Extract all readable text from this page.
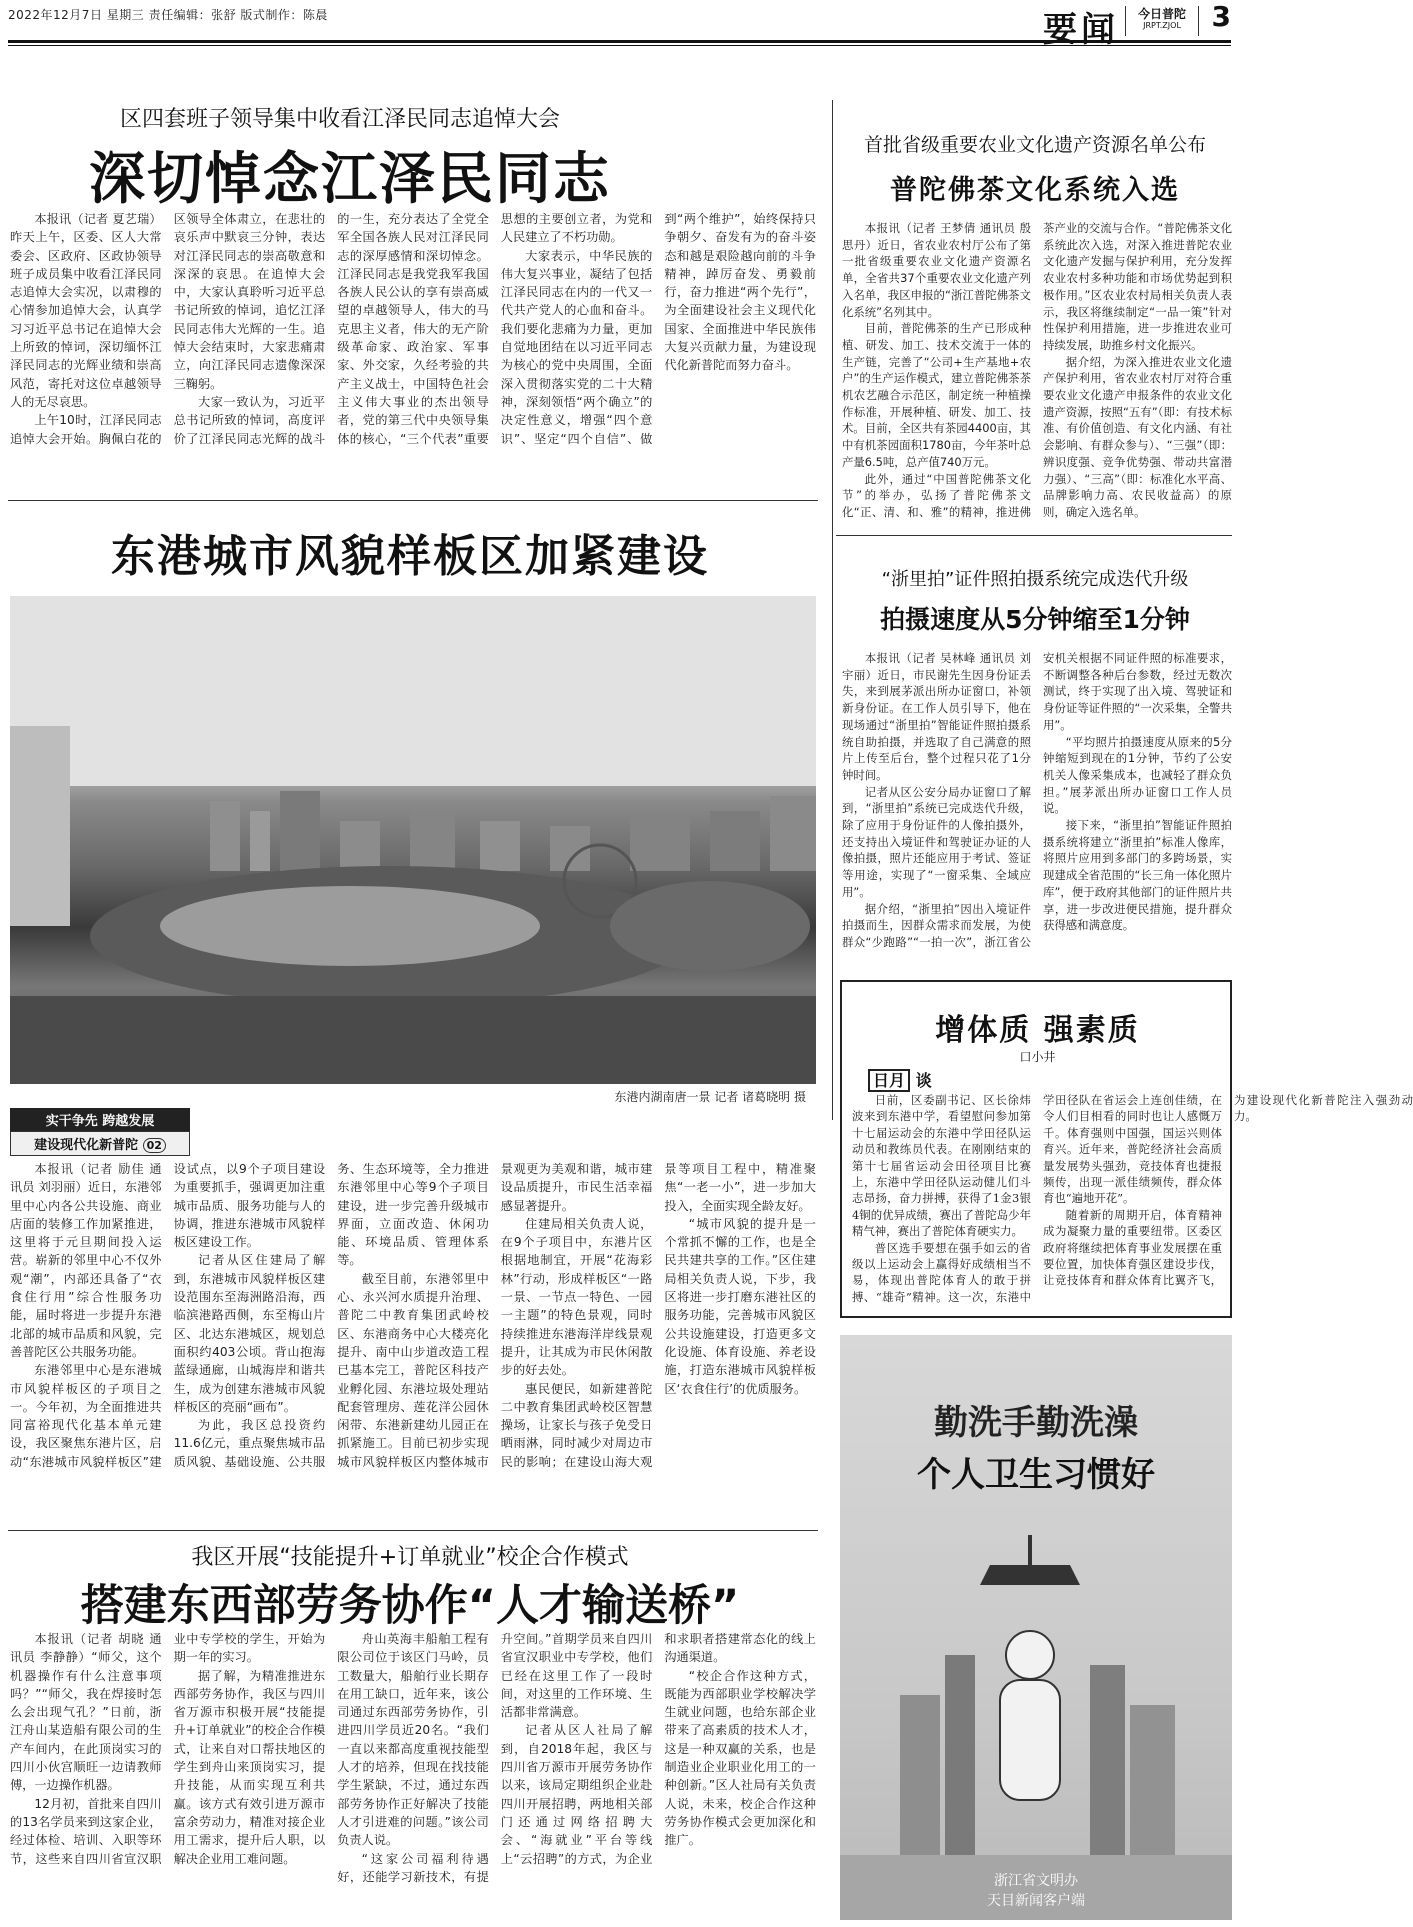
2022年12月7日 星期三 责任编辑：张舒 版式制作：陈晨	要闻	今日普陀
JRPT.ZJOL	3
区四套班子领导集中收看江泽民同志追悼大会
深切悼念江泽民同志

本报讯（记者 夏艺瑞）昨天上午，区委、区人大常委会、区政府、区政协领导班子成员集中收看江泽民同志追悼大会实况，以肃穆的心情参加追悼大会，认真学习习近平总书记在追悼大会上所致的悼词，深切缅怀江泽民同志的光辉业绩和崇高风范，寄托对这位卓越领导人的无尽哀思。

上午10时，江泽民同志追悼大会开始。胸佩白花的区领导全体肃立，在悲壮的哀乐声中默哀三分钟，表达对江泽民同志的崇高敬意和深深的哀思。在追悼大会中，大家认真聆听习近平总书记所致的悼词，追忆江泽民同志伟大光辉的一生。追悼大会结束时，大家悲痛肃立，向江泽民同志遗像深深三鞠躬。

大家一致认为，习近平总书记所致的悼词，高度评价了江泽民同志光辉的战斗的一生，充分表达了全党全军全国各族人民对江泽民同志的深厚感情和深切悼念。江泽民同志是我党我军我国各族人民公认的享有崇高威望的卓越领导人，伟大的马克思主义者，伟大的无产阶级革命家、政治家、军事家、外交家，久经考验的共产主义战士，中国特色社会主义伟大事业的杰出领导者，党的第三代中央领导集体的核心，“三个代表”重要思想的主要创立者，为党和人民建立了不朽功勋。

大家表示，中华民族的伟大复兴事业，凝结了包括江泽民同志在内的一代又一代共产党人的心血和奋斗。我们要化悲痛为力量，更加自觉地团结在以习近平同志为核心的党中央周围，全面深入贯彻落实党的二十大精神，深刻领悟“两个确立”的决定性意义，增强“四个意识”、坚定“四个自信”、做到“两个维护”，始终保持只争朝夕、奋发有为的奋斗姿态和越是艰险越向前的斗争精神，踔厉奋发、勇毅前行，奋力推进“两个先行”，为全面建设社会主义现代化国家、全面推进中华民族伟大复兴贡献力量，为建设现代化新普陀而努力奋斗。

首批省级重要农业文化遗产资源名单公布
普陀佛茶文化系统入选

本报讯（记者 王梦倩 通讯员 殷思丹）近日，省农业农村厅公布了第一批省级重要农业文化遗产资源名单，全省共37个重要农业文化遗产列入名单，我区申报的“浙江普陀佛茶文化系统”名列其中。

目前，普陀佛茶的生产已形成种植、研发、加工、技术交流于一体的生产链，完善了“公司+生产基地+农户”的生产运作模式，建立普陀佛茶茶机农艺融合示范区，制定统一种植操作标准，开展种植、研发、加工、技术。目前，全区共有茶园4400亩，其中有机茶园面积1780亩，今年茶叶总产量6.5吨，总产值740万元。

此外，通过“中国普陀佛茶文化节”的举办，弘扬了普陀佛茶文化“正、清、和、雅”的精神，推进佛茶产业的交流与合作。“普陀佛茶文化系统此次入选，对深入推进普陀农业文化遗产发掘与保护利用，充分发挥农业农村多种功能和市场优势起到积极作用。”区农业农村局相关负责人表示，我区将继续制定“一品一策”针对性保护利用措施，进一步推进农业可持续发展，助推乡村文化振兴。

据介绍，为深入推进农业文化遗产保护利用，省农业农村厅对符合重要农业文化遗产申报条件的农业文化遗产资源，按照“五有”（即：有技术标准、有价值创造、有文化内涵、有社会影响、有群众参与）、“三强”（即：辨识度强、竞争优势强、带动共富潜力强）、“三高”（即：标准化水平高、品牌影响力高、农民收益高）的原则，确定入选名单。

东港城市风貌样板区加紧建设
东港内湖南唐一景 记者 诸葛晓明 摄
实干争先 跨越发展
建设现代化新普陀 02

本报讯（记者 励佳 通讯员 刘羽丽）近日，东港邻里中心内各公共设施、商业店面的装修工作加紧推进，这里将于元旦期间投入运营。崭新的邻里中心不仅外观“潮”，内部还具备了“衣食住行用”综合性服务功能，届时将进一步提升东港北部的城市品质和风貌，完善普陀区公共服务功能。

东港邻里中心是东港城市风貌样板区的子项目之一。今年初，为全面推进共同富裕现代化基本单元建设，我区聚焦东港片区，启动“东港城市风貌样板区”建设试点，以9个子项目建设为重要抓手，强调更加注重城市品质、服务功能与人的协调，推进东港城市风貌样板区建设工作。

记者从区住建局了解到，东港城市风貌样板区建设范围东至海洲路沿海，西临滨港路西侧，东至梅山片区、北达东港城区，规划总面积约403公顷。背山抱海蓝绿通廊，山城海岸和谐共生，成为创建东港城市风貌样板区的亮丽“画布”。

为此，我区总投资约11.6亿元，重点聚焦城市品质风貌、基础设施、公共服务、生态环境等，全力推进东港邻里中心等9个子项目建设，进一步完善升级城市界面，立面改造、休闲功能、环境品质、管理体系等。

截至目前，东港邻里中心、永兴河水质提升治理、普陀二中教育集团武岭校区、东港商务中心大楼亮化提升、南中山步道改造工程已基本完工，普陀区科技产业孵化园、东港垃圾处理站配套管理房、莲花洋公园休闲带、东港新建幼儿园正在抓紧施工。目前已初步实现城市风貌样板区内整体城市景观更为美观和谐，城市建设品质提升，市民生活幸福感显著提升。

住建局相关负责人说，在9个子项目中，东港片区根据地制宜，开展“花海彩林”行动，形成样板区“一路一景、一节点一特色、一园一主题”的特色景观，同时持续推进东港海洋岸线景观提升，让其成为市民休闲散步的好去处。

惠民便民，如新建普陀二中教育集团武岭校区智慧操场，让家长与孩子免受日晒雨淋，同时减少对周边市民的影响；在建设山海大观景等项目工程中，精准聚焦“一老一小”，进一步加大投入，全面实现全龄友好。

“城市风貌的提升是一个常抓不懈的工作，也是全民共建共享的工作。”区住建局相关负责人说，下步，我区将进一步打磨东港社区的服务功能，完善城市风貌区公共设施建设，打造更多文化设施、体育设施、养老设施，打造东港城市风貌样板区‘衣食住行’的优质服务。

“浙里拍”证件照拍摄系统完成迭代升级
拍摄速度从5分钟缩至1分钟

本报讯（记者 吴林峰 通讯员 刘宇丽）近日，市民谢先生因身份证丢失，来到展茅派出所办证窗口，补领新身份证。在工作人员引导下，他在现场通过“浙里拍”智能证件照拍摄系统自助拍摄，并选取了自己满意的照片上传至后台，整个过程只花了1分钟时间。

记者从区公安分局办证窗口了解到，“浙里拍”系统已完成迭代升级，除了应用于身份证件的人像拍摄外，还支持出入境证件和驾驶证办证的人像拍摄，照片还能应用于考试、签证等用途，实现了“一窗采集、全域应用”。

据介绍，“浙里拍”因出入境证件拍摄而生，因群众需求而发展，为使群众“少跑路”“一拍一次”，浙江省公安机关根据不同证件照的标准要求，不断调整各种后台参数，经过无数次测试，终于实现了出入境、驾驶证和身份证等证件照的“一次采集，全警共用”。

“平均照片拍摄速度从原来的5分钟缩短到现在的1分钟，节约了公安机关人像采集成本，也减轻了群众负担。”展茅派出所办证窗口工作人员说。

接下来，“浙里拍”智能证件照拍摄系统将建立“浙里拍”标准人像库，将照片应用到多部门的多跨场景，实现建成全省范围的“长三角一体化照片库”，便于政府其他部门的证件照片共享，进一步改进便民措施，提升群众获得感和满意度。

增体质 强素质
口小井
日月 谈

日前，区委副书记、区长徐炜波来到东港中学，看望慰问参加第十七届运动会的东港中学田径队运动员和教练员代表。在刚刚结束的第十七届省运动会田径项目比赛上，东港中学田径队运动健儿们斗志昂扬，奋力拼搏，获得了1金3银4铜的优异成绩，赛出了普陀岛少年精气神，赛出了普陀体育硬实力。

普区选手要想在强手如云的省级以上运动会上赢得好成绩相当不易，体现出普陀体育人的敢于拼搏、“雄奇”精神。这一次，东港中学田径队在省运会上连创佳绩，在令人们目相看的同时也让人感慨万千。体育强则中国强，国运兴则体育兴。近年来，普陀经济社会高质量发展势头强劲，竞技体育也捷报频传，出现一派佳绩频传，群众体育也“遍地开花”。

随着新的周期开启，体育精神成为凝聚力量的重要纽带。区委区政府将继续把体育事业发展摆在重要位置，加快体育强区建设步伐，让竞技体育和群众体育比翼齐飞，为建设现代化新普陀注入强劲动力。

我区开展“技能提升+订单就业”校企合作模式
搭建东西部劳务协作“人才输送桥”

本报讯（记者 胡晓 通讯员 李静静）“师父，这个机器操作有什么注意事项吗？”“师父，我在焊接时怎么会出现气孔？”日前，浙江舟山某造船有限公司的生产车间内，在此顶岗实习的四川小伙宫顺旺一边请教师傅，一边操作机器。

12月初，首批来自四川的13名学员来到这家企业，经过体检、培训、入职等环节，这些来自四川省宣汉职业中专学校的学生，开始为期一年的实习。

据了解，为精准推进东西部劳务协作，我区与四川省万源市积极开展“技能提升+订单就业”的校企合作模式，让来自对口帮扶地区的学生到舟山来顶岗实习，提升技能，从而实现互利共赢。该方式有效引进万源市富余劳动力，精准对接企业用工需求，提升后人职，以解决企业用工难问题。

舟山英海丰船舶工程有限公司位于该区门马岭，员工数量大，船舶行业长期存在用工缺口，近年来，该公司通过东西部劳务协作，引进四川学员近20名。“我们一直以来都高度重视技能型人才的培养，但现在找技能学生紧缺，不过，通过东西部劳务协作正好解决了技能人才引进难的问题。”该公司负责人说。

“这家公司福利待遇好，还能学习新技术，有提升空间。”首期学员来自四川省宣汉职业中专学校，他们已经在这里工作了一段时间，对这里的工作环境、生活都非常满意。

记者从区人社局了解到，自2018年起，我区与四川省万源市开展劳务协作以来，该局定期组织企业赴四川开展招聘，两地相关部门还通过网络招聘大会、“海就业”平台等线上“云招聘”的方式，为企业和求职者搭建常态化的线上沟通渠道。

“校企合作这种方式，既能为西部职业学校解决学生就业问题，也给东部企业带来了高素质的技术人才，这是一种双赢的关系，也是制造业企业职业化用工的一种创新。”区人社局有关负责人说，未来，校企合作这种劳务协作模式会更加深化和推广。

勤洗手勤洗澡
个人卫生习惯好
浙江省文明办
天目新闻客户端
